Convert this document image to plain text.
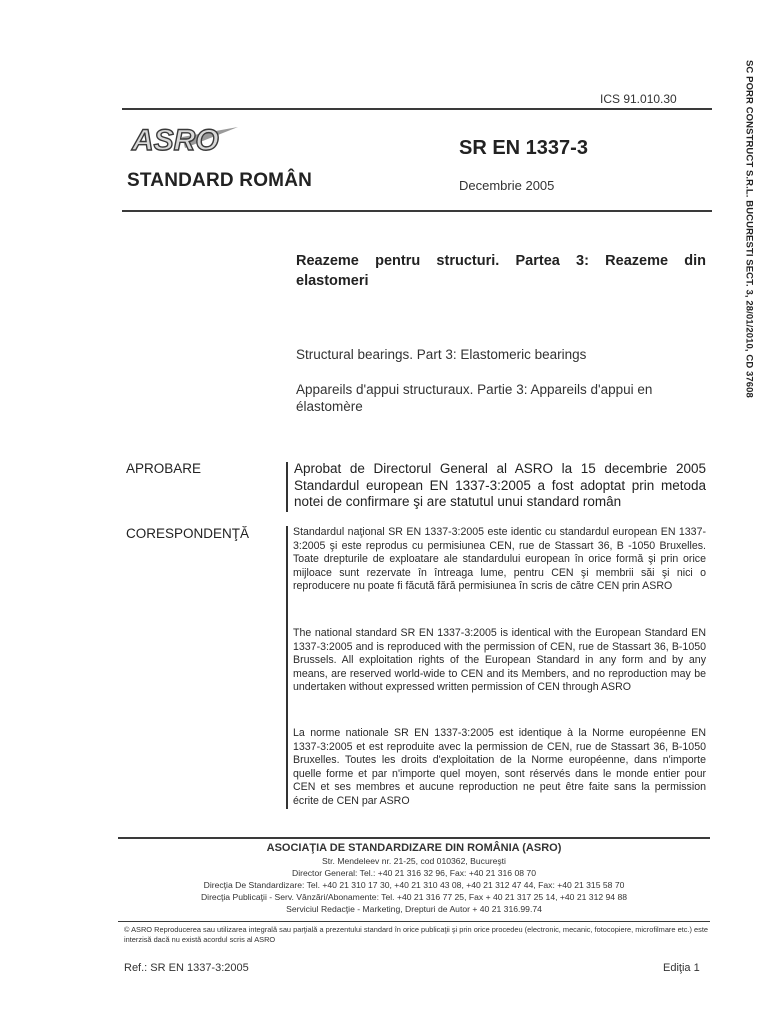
ICS 91.010.30
ASRO
STANDARD ROMÂN
SR EN 1337-3
Decembrie 2005	SC PORR CONSTRUCT S.R.L. BUCURESTI SECT. 3, 28/01/2010, CD 37608
Reazeme pentru structuri. Partea 3: Reazeme din elastomeri
Structural bearings. Part 3: Elastomeric bearings
Appareils d'appui structuraux. Partie 3: Appareils d'appui en élastomère
APROBARE	Aprobat de Directorul General al ASRO la 15 decembrie 2005 Standardul european EN 1337-3:2005 a fost adoptat prin metoda notei de confirmare şi are statutul unui standard român
CORESPONDENŢĂ	Standardul naţional SR EN 1337-3:2005 este identic cu standardul european EN 1337-3:2005 şi este reprodus cu permisiunea CEN, rue de Stassart 36, B -1050 Bruxelles. Toate drepturile de exploatare ale standardului european în orice formă şi prin orice mijloace sunt rezervate în întreaga lume, pentru CEN şi membrii săi şi nici o reproducere nu poate fi făcută fără permisiunea în scris de către CEN prin ASRO
The national standard SR EN 1337-3:2005 is identical with the European Standard EN 1337-3:2005 and is reproduced with the permission of CEN, rue de Stassart 36, B-1050 Brussels. All exploitation rights of the European Standard in any form and by any means, are reserved world-wide to CEN and its Members, and no reproduction may be undertaken without expressed written permission of CEN through ASRO
La norme nationale SR EN 1337-3:2005 est identique à la Norme européenne EN 1337-3:2005 et est reproduite avec la permission de CEN, rue de Stassart 36, B-1050 Bruxelles. Toutes les droits d'exploitation de la Norme européenne, dans n'importe quelle forme et par n'importe quel moyen, sont réservés dans le monde entier pour CEN et ses membres et aucune reproduction ne peut être faite sans la permission écrite de CEN par ASRO
ASOCIAŢIA DE STANDARDIZARE DIN ROMÂNIA (ASRO)
Str. Mendeleev nr. 21-25, cod 010362, Bucureşti
Director General: Tel.: +40 21 316 32 96, Fax: +40 21 316 08 70
Direcţia De Standardizare: Tel. +40 21 310 17 30, +40 21 310 43 08, +40 21 312 47 44, Fax: +40 21 315 58 70
Direcţia Publicaţii - Serv. Vânzări/Abonamente: Tel. +40 21 316 77 25, Fax + 40 21 317 25 14, +40 21 312 94 88
Serviciul Redacţie - Marketing, Drepturi de Autor + 40 21 316.99.74
© ASRO Reproducerea sau utilizarea integrală sau parţială a prezentului standard în orice publicaţii şi prin orice procedeu (electronic, mecanic, fotocopiere, microfilmare etc.) este interzisă dacă nu există acordul scris al ASRO
Ref.: SR EN 1337-3:2005	Ediţia 1
